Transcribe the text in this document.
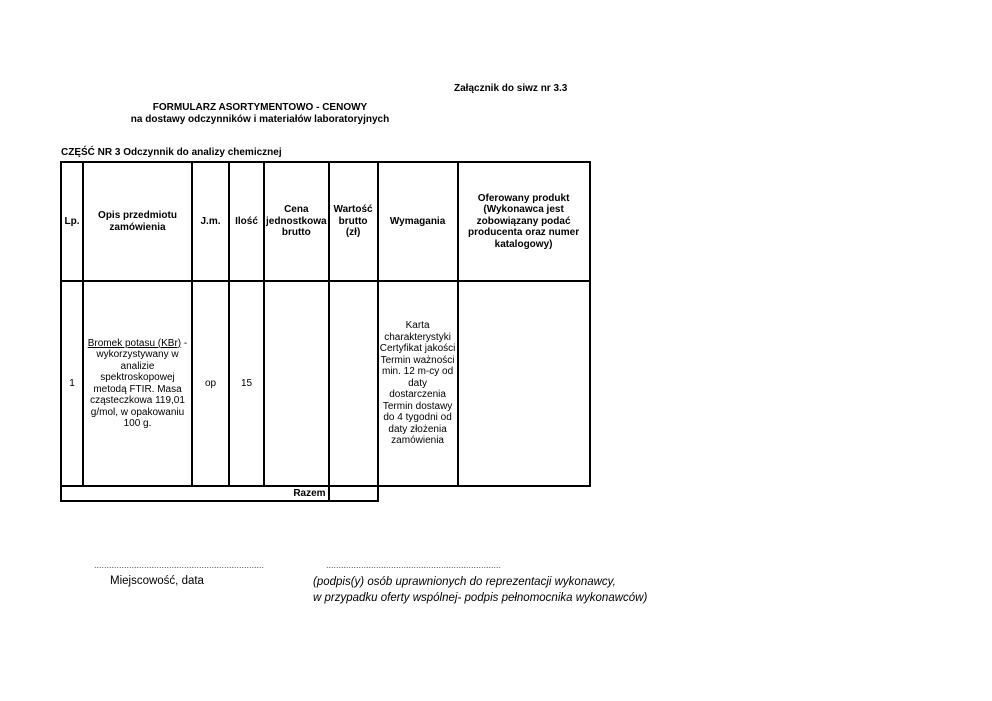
Załącznik do siwz nr 3.3
FORMULARZ ASORTYMENTOWO - CENOWY
na dostawy odczynników i materiałów laboratoryjnych
CZĘŚĆ NR 3 Odczynnik do analizy chemicznej
Lp.	Opis przedmiotu zamówienia	J.m.	Ilość	Cena jednostkowa brutto	Wartość brutto (zł)	Wymagania	Oferowany produkt (Wykonawca jest zobowiązany podać producenta oraz numer katalogowy)
1	Bromek potasu (KBr) - wykorzystywany w analizie spektroskopowej metodą FTIR. Masa cząsteczkowa 119,01 g/mol, w opakowaniu 100 g.	op	15			Karta charakterystyki Certyfikat jakości Termin ważności min. 12 m-cy od daty dostarczenia Termin dostawy do 4 tygodni od daty złożenia zamówienia	
Razem							
....................................................................	......................................................................
Miejscowość, data	(podpis(y) osób uprawnionych do reprezentacji wykonawcy,
w przypadku oferty wspólnej- podpis pełnomocnika wykonawców)
